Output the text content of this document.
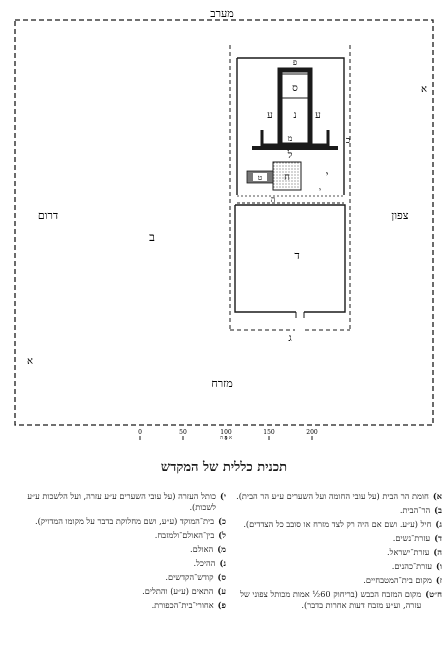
מערב
מזרח
דרום	צפון
א
א
ב
ג
י
ד
ה
י
ס
נ
פ
ע	ע
מ	כ
ל
ח
ט
0	50	100	150	200
א מ ה
תכנית כללית של המקדש
א)
חומת הר הבית (על עובי החומה ועל השערים ע״ע הר הבית).
ב)
הר־הבית.
ג)
חיל (ע״ע. ושם אם היה רק לצד מזרח או סובב כל הצדדים).
ד)
עזרת־נשים.
ה)
עזרת־ישראל.
ו)
עזרת־כהנים.
ז)
מקום בית־המטבחיים.
ח״ט)
מקום המזבח הכבש (בריחוק 60½ אמות מכותל צפוני של עזרה, וע״ע מזבח דעות אחרות בדבר).
י)
כותל העזרה (על עובי השערים ע״ע עזרה, ועל הלשכות ע״ע לשכות).
כ)
בית־המוקד (ע״ע, ושם מחלוקת בדבר על מקומו המדויק).
ל)
בין־האולם־ולמזבח.
מ)
האולם.
נ)
ההיכל.
ס)
קודש־הקדשים.
ע)
התאים (ע״ע) והתלים.
פ)
אחורי־בית־הכפורת.
